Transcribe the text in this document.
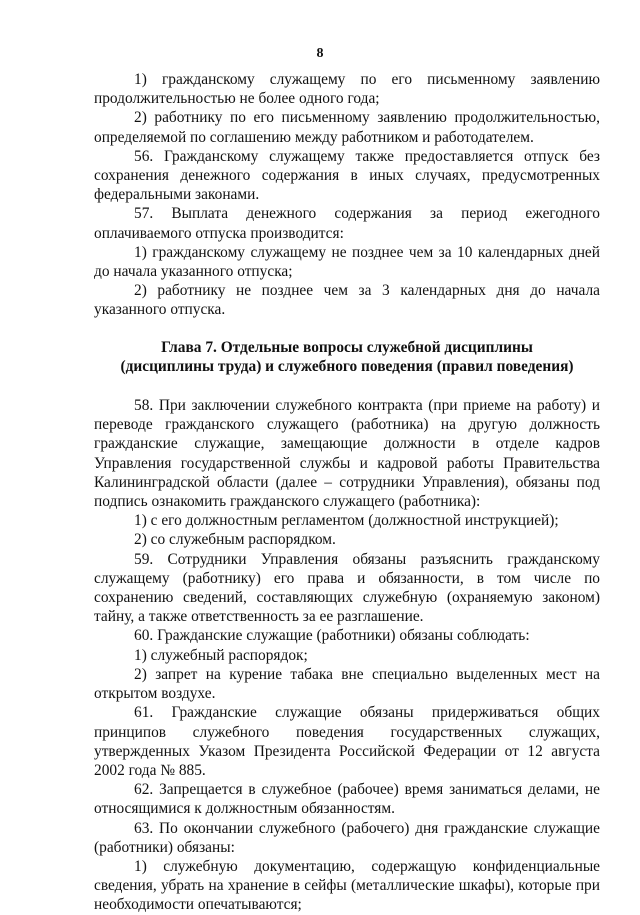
8

1) гражданскому служащему по его письменному заявлению продолжительностью не более одного года;

2) работнику по его письменному заявлению продолжительностью, определяемой по соглашению между работником и работодателем.

56. Гражданскому служащему также предоставляется отпуск без сохранения денежного содержания в иных случаях, предусмотренных федеральными законами.

57. Выплата денежного содержания за период ежегодного оплачиваемого отпуска производится:

1) гражданскому служащему не позднее чем за 10 календарных дней до начала указанного отпуска;

2) работнику не позднее чем за 3 календарных дня до начала указанного отпуска.

Глава 7. Отдельные вопросы служебной дисциплины
(дисциплины труда) и служебного поведения (правил поведения)

58. При заключении служебного контракта (при приеме на работу) и переводе гражданского служащего (работника) на другую должность гражданские служащие, замещающие должности в отделе кадров Управления государственной службы и кадровой работы Правительства Калининградской области (далее – сотрудники Управления), обязаны под подпись ознакомить гражданского служащего (работника):

1) с его должностным регламентом (должностной инструкцией);

2) со служебным распорядком.

59. Сотрудники Управления обязаны разъяснить гражданскому служащему (работнику) его права и обязанности, в том числе по сохранению сведений, составляющих служебную (охраняемую законом) тайну, а также ответственность за ее разглашение.

60. Гражданские служащие (работники) обязаны соблюдать:

1) служебный распорядок;

2) запрет на курение табака вне специально выделенных мест на открытом воздухе.

61. Гражданские служащие обязаны придерживаться общих принципов служебного поведения государственных служащих, утвержденных Указом Президента Российской Федерации от 12 августа 2002 года № 885.

62. Запрещается в служебное (рабочее) время заниматься делами, не относящимися к должностным обязанностям.

63. По окончании служебного (рабочего) дня гражданские служащие (работники) обязаны:

1) служебную документацию, содержащую конфиденциальные сведения, убрать на хранение в сейфы (металлические шкафы), которые при необходимости опечатываются;
